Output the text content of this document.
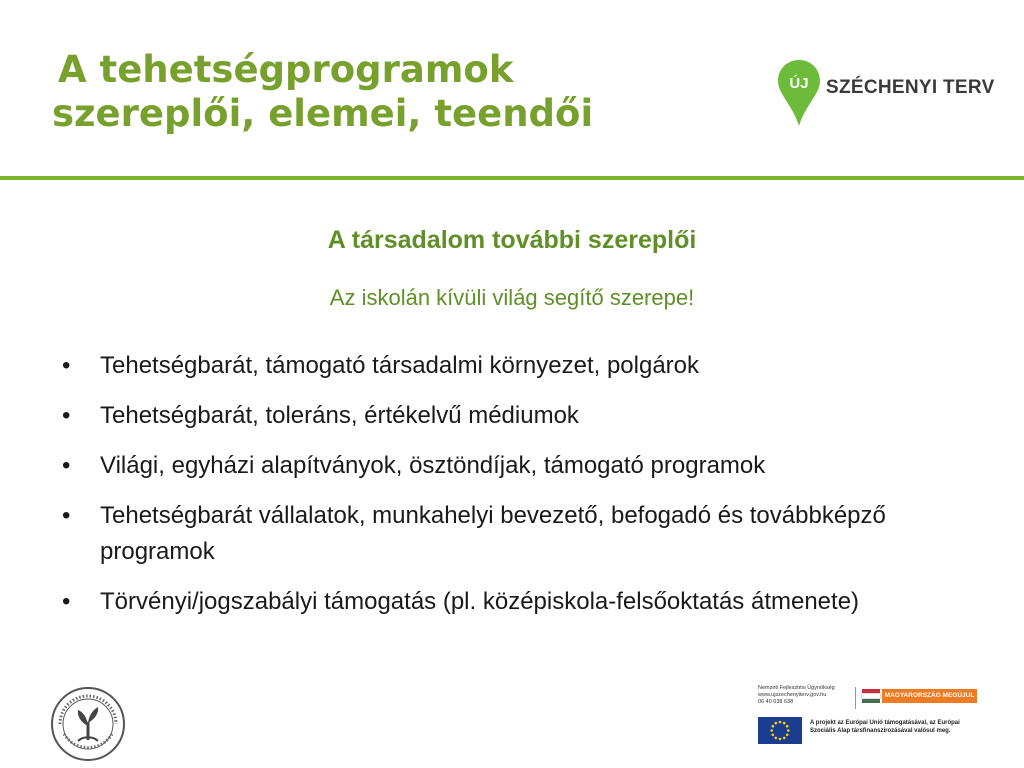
A tehetségprogramok
szereplői, elemei, teendői
ÚJ SZÉCHENYI TERV
A társadalom további szereplői
Az iskolán kívüli világ segítő szerepe!
• Tehetségbarát, támogató társadalmi környezet, polgárok
• Tehetségbarát, toleráns, értékelvű médiumok
• Világi, egyházi alapítványok, ösztöndíjak, támogató programok
• Tehetségbarát vállalatok, munkahelyi bevezető, befogadó és továbbképző programok
• Törvényi/jogszabályi támogatás (pl. középiskola-felsőoktatás átmenete)
Nemzeti Fejlesztési Ügynökség
www.ujszechenyiterv.gov.hu
06 40 638 638
MAGYARORSZÁG MEGÚJUL
A projekt az Európai Unió támogatásával, az Európai
Szociális Alap társfinanszírozásával valósul meg.
